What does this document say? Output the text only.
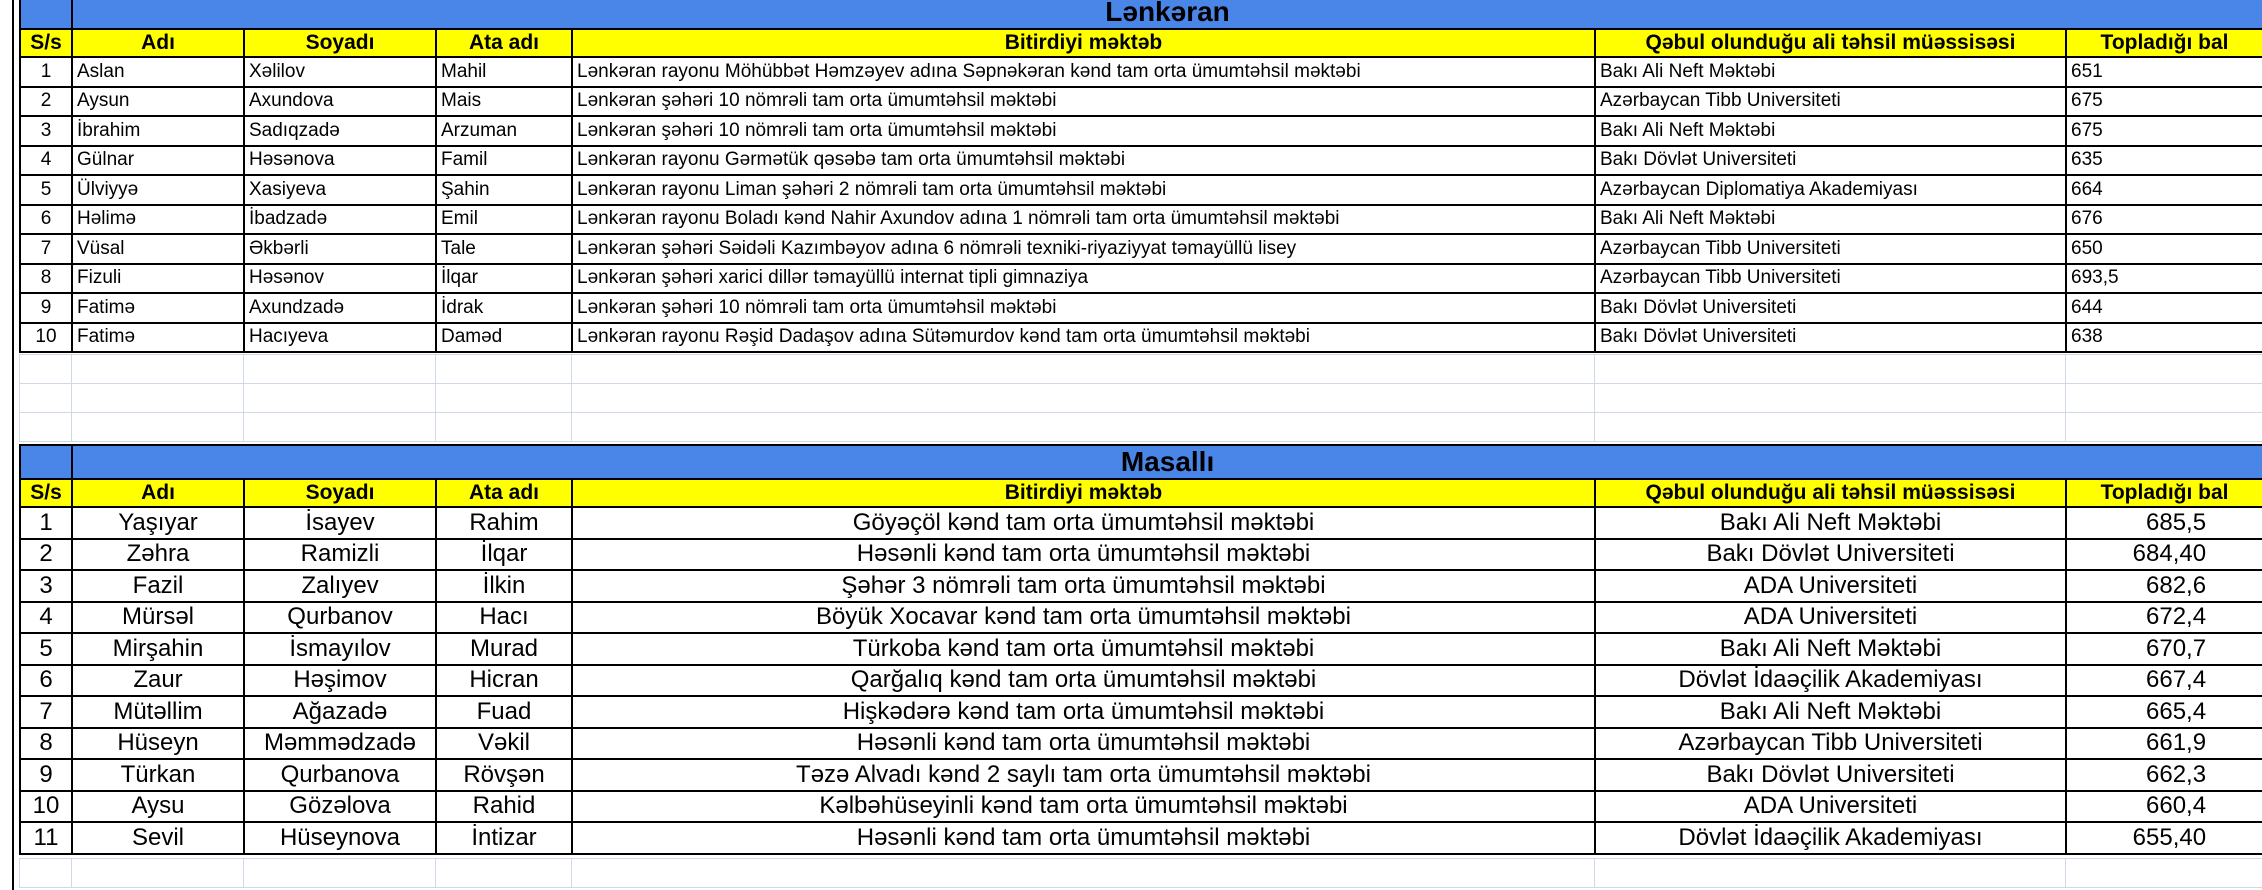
	Lənkəran					
S/s	Adı	Soyadı	Ata adı	Bitirdiyi məktəb	Qəbul olunduğu ali təhsil müəssisəsi	Topladığı bal
1	Aslan	Xəlilov	Mahil	Lənkəran rayonu Möhübbət Həmzəyev adına Səpnəkəran kənd tam orta ümumtəhsil məktəbi	Bakı Ali Neft Məktəbi	651
2	Aysun	Axundova	Mais	Lənkəran şəhəri 10 nömrəli tam orta ümumtəhsil məktəbi	Azərbaycan Tibb Universiteti	675
3	İbrahim	Sadıqzadə	Arzuman	Lənkəran şəhəri 10 nömrəli tam orta ümumtəhsil məktəbi	Bakı Ali Neft Məktəbi	675
4	Gülnar	Həsənova	Famil	Lənkəran rayonu Gərmətük qəsəbə tam orta ümumtəhsil məktəbi	Bakı Dövlət Universiteti	635
5	Ülviyyə	Xasiyeva	Şahin	Lənkəran rayonu Liman şəhəri 2 nömrəli tam orta ümumtəhsil məktəbi	Azərbaycan Diplomatiya Akademiyası	664
6	Həlimə	İbadzadə	Emil	Lənkəran rayonu Boladı kənd Nahir Axundov adına 1 nömrəli tam orta ümumtəhsil məktəbi	Bakı Ali Neft Məktəbi	676
7	Vüsal	Əkbərli	Tale	Lənkəran şəhəri Səidəli Kazımbəyov adına 6 nömrəli texniki-riyaziyyat təmayüllü lisey	Azərbaycan Tibb Universiteti	650
8	Fizuli	Həsənov	İlqar	Lənkəran şəhəri xarici dillər təmayüllü internat tipli gimnaziya	Azərbaycan Tibb Universiteti	693,5
9	Fatimə	Axundzadə	İdrak	Lənkəran şəhəri 10 nömrəli tam orta ümumtəhsil məktəbi	Bakı Dövlət Universiteti	644
10	Fatimə	Hacıyeva	Daməd	Lənkəran rayonu Rəşid Dadaşov adına Sütəmurdov kənd tam orta ümumtəhsil məktəbi	Bakı Dövlət Universiteti	638

	Masallı					
S/s	Adı	Soyadı	Ata adı	Bitirdiyi məktəb	Qəbul olunduğu ali təhsil müəssisəsi	Topladığı bal
1	Yaşıyar	İsayev	Rahim	Göyəçöl kənd tam orta ümumtəhsil məktəbi	Bakı Ali Neft Məktəbi	685,5
2	Zəhra	Ramizli	İlqar	Həsənli kənd tam orta ümumtəhsil məktəbi	Bakı Dövlət Universiteti	684,40
3	Fazil	Zalıyev	İlkin	Şəhər 3 nömrəli tam orta ümumtəhsil məktəbi	ADA Universiteti	682,6
4	Mürsəl	Qurbanov	Hacı	Böyük Xocavar kənd tam orta ümumtəhsil məktəbi	ADA Universiteti	672,4
5	Mirşahin	İsmayılov	Murad	Türkoba kənd tam orta ümumtəhsil məktəbi	Bakı Ali Neft Məktəbi	670,7
6	Zaur	Həşimov	Hicran	Qarğalıq kənd tam orta ümumtəhsil məktəbi	Dövlət İdaəçilik Akademiyası	667,4
7	Mütəllim	Ağazadə	Fuad	Hişkədərə kənd tam orta ümumtəhsil məktəbi	Bakı Ali Neft Məktəbi	665,4
8	Hüseyn	Məmmədzadə	Vəkil	Həsənli kənd tam orta ümumtəhsil məktəbi	Azərbaycan Tibb Universiteti	661,9
9	Türkan	Qurbanova	Rövşən	Təzə Alvadı kənd 2 saylı tam orta ümumtəhsil məktəbi	Bakı Dövlət Universiteti	662,3
10	Aysu	Gözəlova	Rahid	Kəlbəhüseyinli kənd tam orta ümumtəhsil məktəbi	ADA Universiteti	660,4
11	Sevil	Hüseynova	İntizar	Həsənli kənd tam orta ümumtəhsil məktəbi	Dövlət İdaəçilik Akademiyası	655,40
